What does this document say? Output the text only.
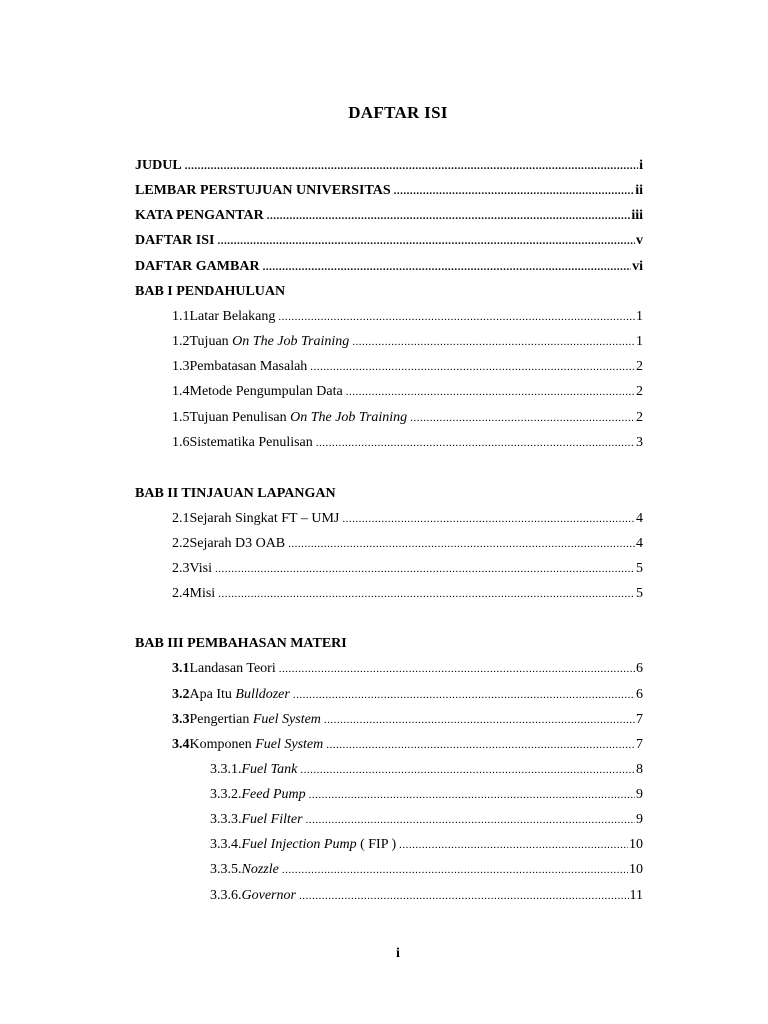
DAFTAR ISI
JUDUL .....	i
LEMBAR PERSTUJUAN UNIVERSITAS .....	ii
KATA PENGANTAR .....	iii
DAFTAR ISI .....	v
DAFTAR GAMBAR .....	vi
BAB I PENDAHULUAN
1.1 Latar Belakang .....	1
1.2 Tujuan On The Job Training .....	1
1.3 Pembatasan Masalah .....	2
1.4 Metode Pengumpulan Data .....	2
1.5 Tujuan Penulisan On The Job Training .....	2
1.6 Sistematika Penulisan .....	3
BAB II TINJAUAN LAPANGAN
2.1 Sejarah Singkat FT – UMJ .....	4
2.2 Sejarah D3 OAB .....	4
2.3 Visi .....	5
2.4 Misi .....	5
BAB III PEMBAHASAN MATERI
3.1 Landasan Teori .....	6
3.2 Apa Itu Bulldozer .....	6
3.3 Pengertian Fuel System .....	7
3.4 Komponen Fuel System .....	7
3.3.1. Fuel Tank .....	8
3.3.2. Feed Pump .....	9
3.3.3. Fuel Filter .....	9
3.3.4. Fuel Injection Pump ( FIP ) .....	10
3.3.5. Nozzle .....	10
3.3.6. Governor .....	11
i
